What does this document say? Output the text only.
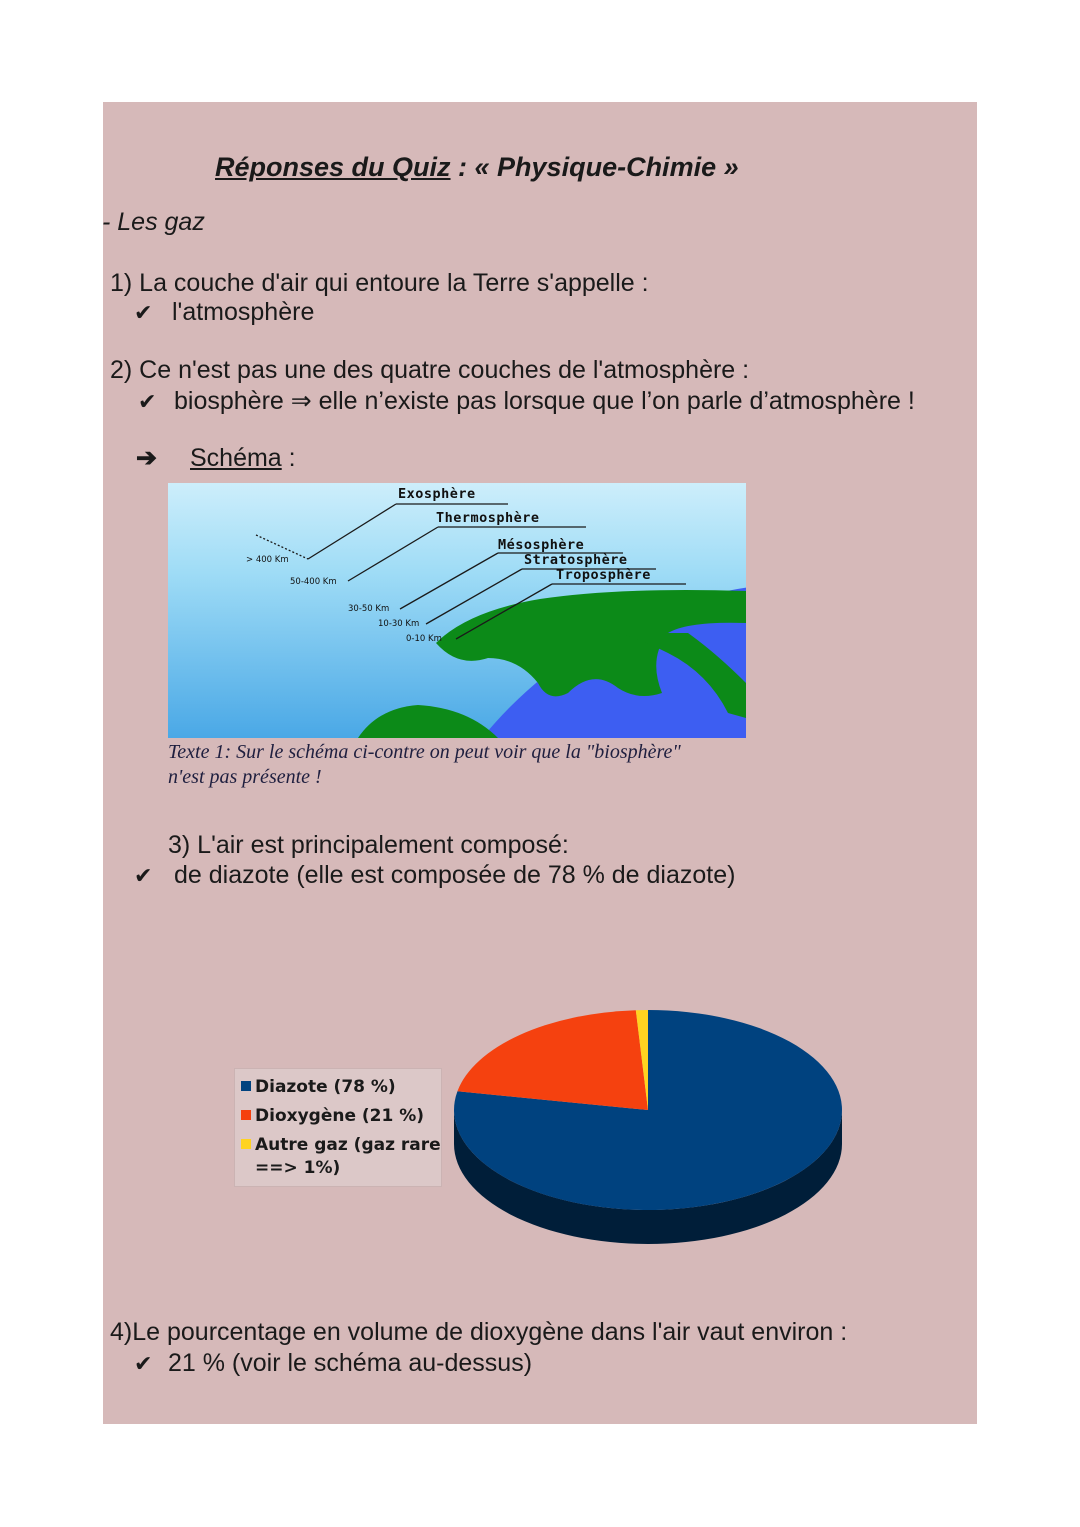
Réponses du Quiz : « Physique-Chimie »
- Les gaz
1) La couche d'air qui entoure la Terre s'appelle :
✔ l'atmosphère
2) Ce n'est pas une des quatre couches de l'atmosphère :
✔ biosphère ⇒ elle n’existe pas lorsque que l’on parle d’atmosphère !
➔ Schéma :
Exosphère
Thermosphère
Mésosphère
Stratosphère
Troposphère
> 400 Km
50-400 Km
30-50 Km
10-30 Km
0-10 Km
Texte 1: Sur le schéma ci-contre on peut voir que la "biosphère"
n'est pas présente !
3) L'air est principalement composé:
✔ de diazote (elle est composée de 78 % de diazote)
Diazote (78 %)
Dioxygène (21 %)
Autre gaz (gaz rare
==> 1%)
4)Le pourcentage en volume de dioxygène dans l'air vaut environ :
✔ 21 % (voir le schéma au-dessus)
